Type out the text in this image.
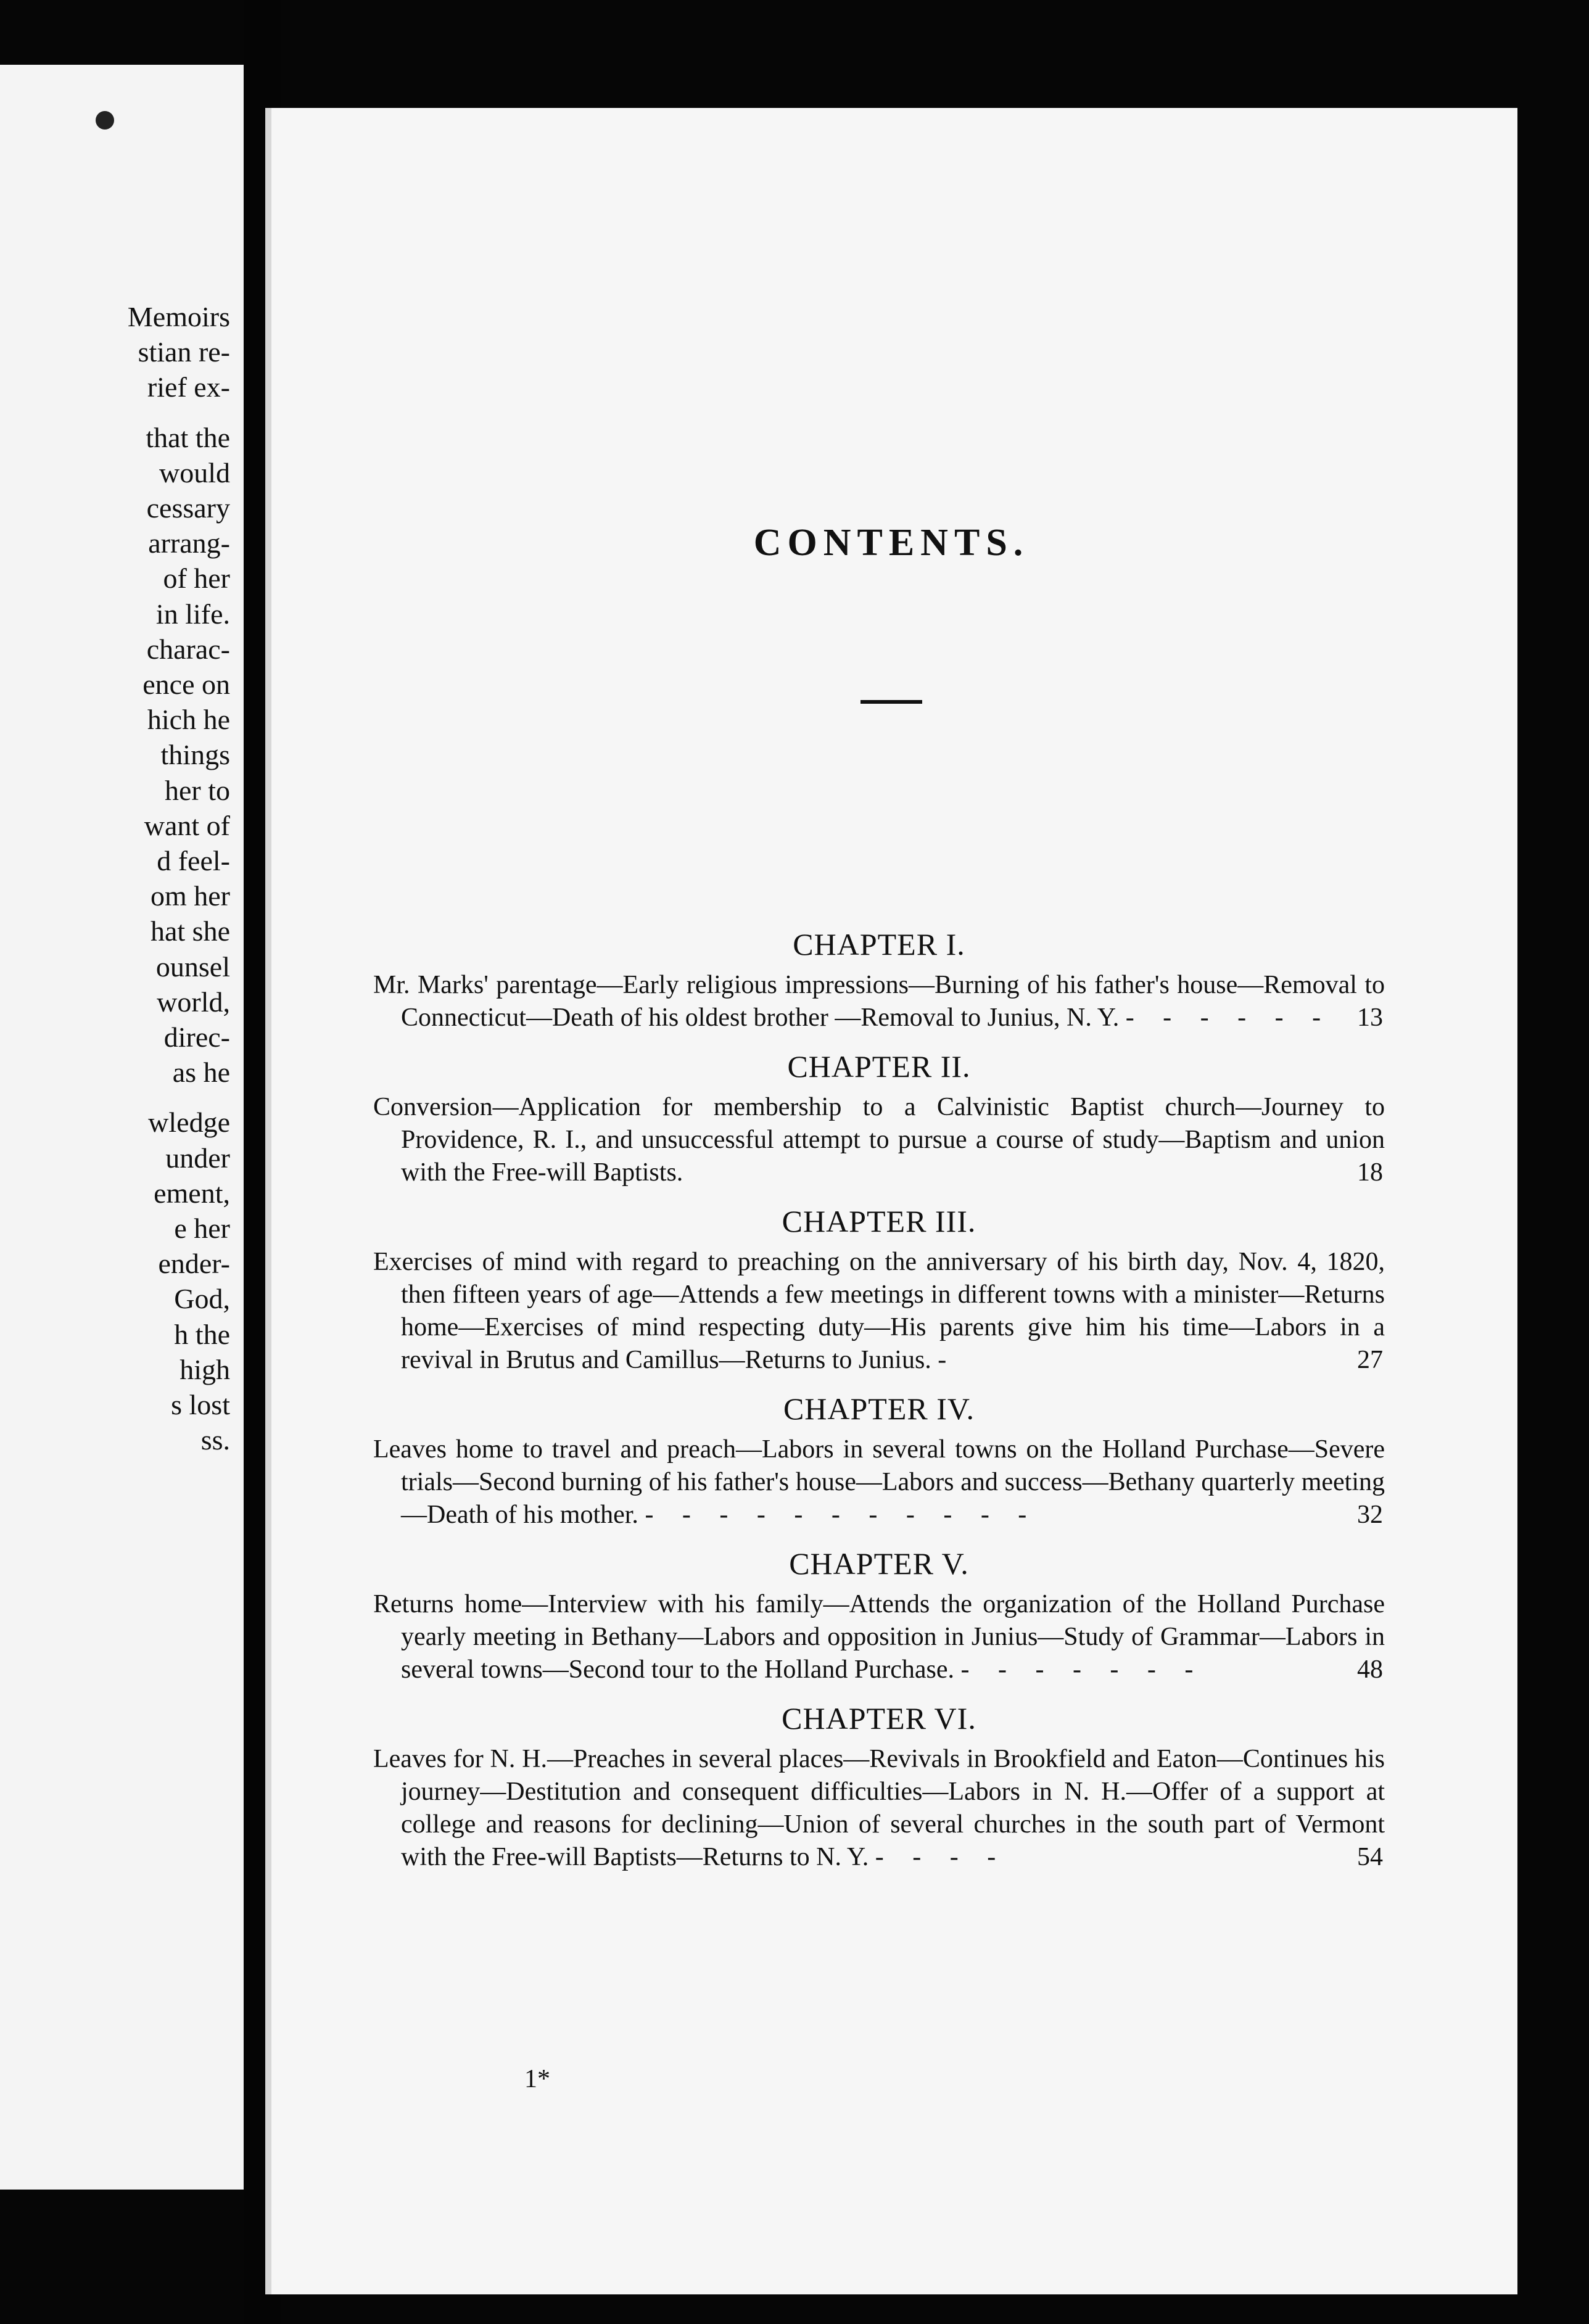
Memoirs
stian re-
rief ex-
that the
would
cessary
arrang-
of her
in life.
charac-
ence on
hich he
things
her to
want of
d feel-
om her
hat she
ounsel
world,
direc-
as he
wledge
under
ement,
e her
ender-
God,
h the
high
s lost
ss.
CONTENTS.
CHAPTER I.

Mr. Marks' parentage—Early religious impressions—Burning of his father's house—Removal to Connecticut—Death of his oldest brother —Removal to Junius, N. Y. - - - - - - 13

CHAPTER II.

Conversion—Application for membership to a Calvinistic Baptist church—Journey to Providence, R. I., and unsuccessful attempt to pursue a course of study—Baptism and union with the Free-will Baptists.	18

CHAPTER III.

Exercises of mind with regard to preaching on the anniversary of his birth day, Nov. 4, 1820, then fifteen years of age—Attends a few meetings in different towns with a minister—Returns home—Exercises of mind respecting duty—His parents give him his time—Labors in a revival in Brutus and Camillus—Returns to Junius. -	27

CHAPTER IV.

Leaves home to travel and preach—Labors in several towns on the Holland Purchase—Severe trials—Second burning of his father's house—Labors and success—Bethany quarterly meeting—Death of his mother. - - - - - - - - - - -	32

CHAPTER V.

Returns home—Interview with his family—Attends the organization of the Holland Purchase yearly meeting in Bethany—Labors and opposition in Junius—Study of Grammar—Labors in several towns—Second tour to the Holland Purchase. - - - - - - -	48

CHAPTER VI.

Leaves for N. H.—Preaches in several places—Revivals in Brookfield and Eaton—Continues his journey—Destitution and consequent difficulties—Labors in N. H.—Offer of a support at college and reasons for declining—Union of several churches in the south part of Vermont with the Free-will Baptists—Returns to N. Y. - - - -	54

1*
